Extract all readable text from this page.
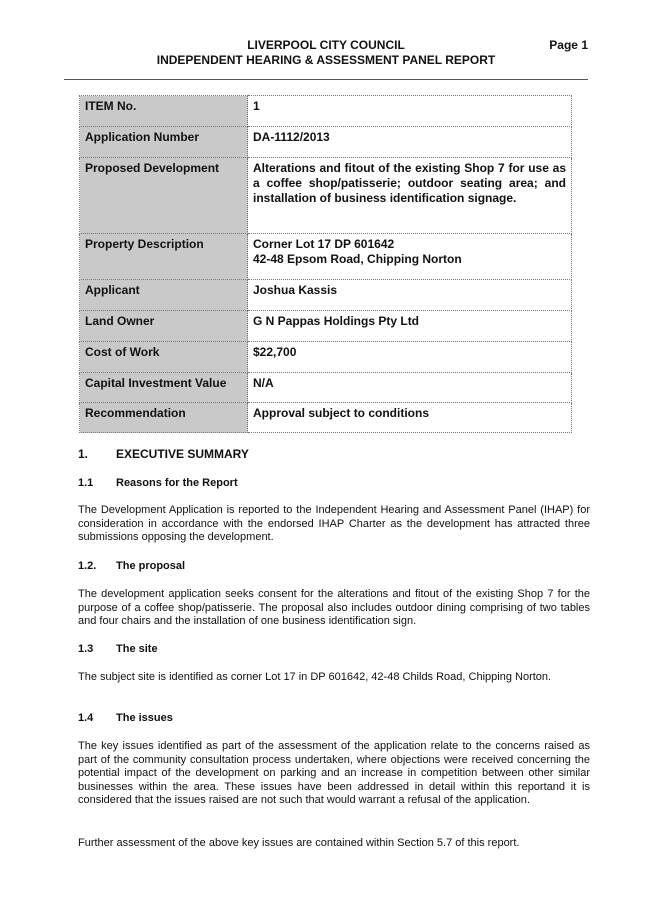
LIVERPOOL CITY COUNCIL
INDEPENDENT HEARING & ASSESSMENT PANEL REPORT
Page 1
ITEM No.	1
Application Number	DA-1112/2013
Proposed Development	Alterations and fitout of the existing Shop 7 for use as a coffee shop/patisserie; outdoor seating area; and installation of business identification signage.
Property Description	Corner Lot 17 DP 601642
42-48 Epsom Road, Chipping Norton

Applicant	Joshua Kassis
Land Owner	G N Pappas Holdings Pty Ltd
Cost of Work	$22,700
Capital Investment Value	N/A
Recommendation	Approval subject to conditions
1. EXECUTIVE SUMMARY
1.1 Reasons for the Report
The Development Application is reported to the Independent Hearing and Assessment Panel (IHAP) for consideration in accordance with the endorsed IHAP Charter as the development has attracted three submissions opposing the development.
1.2. The proposal
The development application seeks consent for the alterations and fitout of the existing Shop 7 for the purpose of a coffee shop/patisserie. The proposal also includes outdoor dining comprising of two tables and four chairs and the installation of one business identification sign.
1.3 The site
The subject site is identified as corner Lot 17 in DP 601642, 42-48 Childs Road, Chipping Norton.
1.4 The issues
The key issues identified as part of the assessment of the application relate to the concerns raised as part of the community consultation process undertaken, where objections were received concerning the potential impact of the development on parking and an increase in competition between other similar businesses within the area. These issues have been addressed in detail within this reportand it is considered that the issues raised are not such that would warrant a refusal of the application.
Further assessment of the above key issues are contained within Section 5.7 of this report.
